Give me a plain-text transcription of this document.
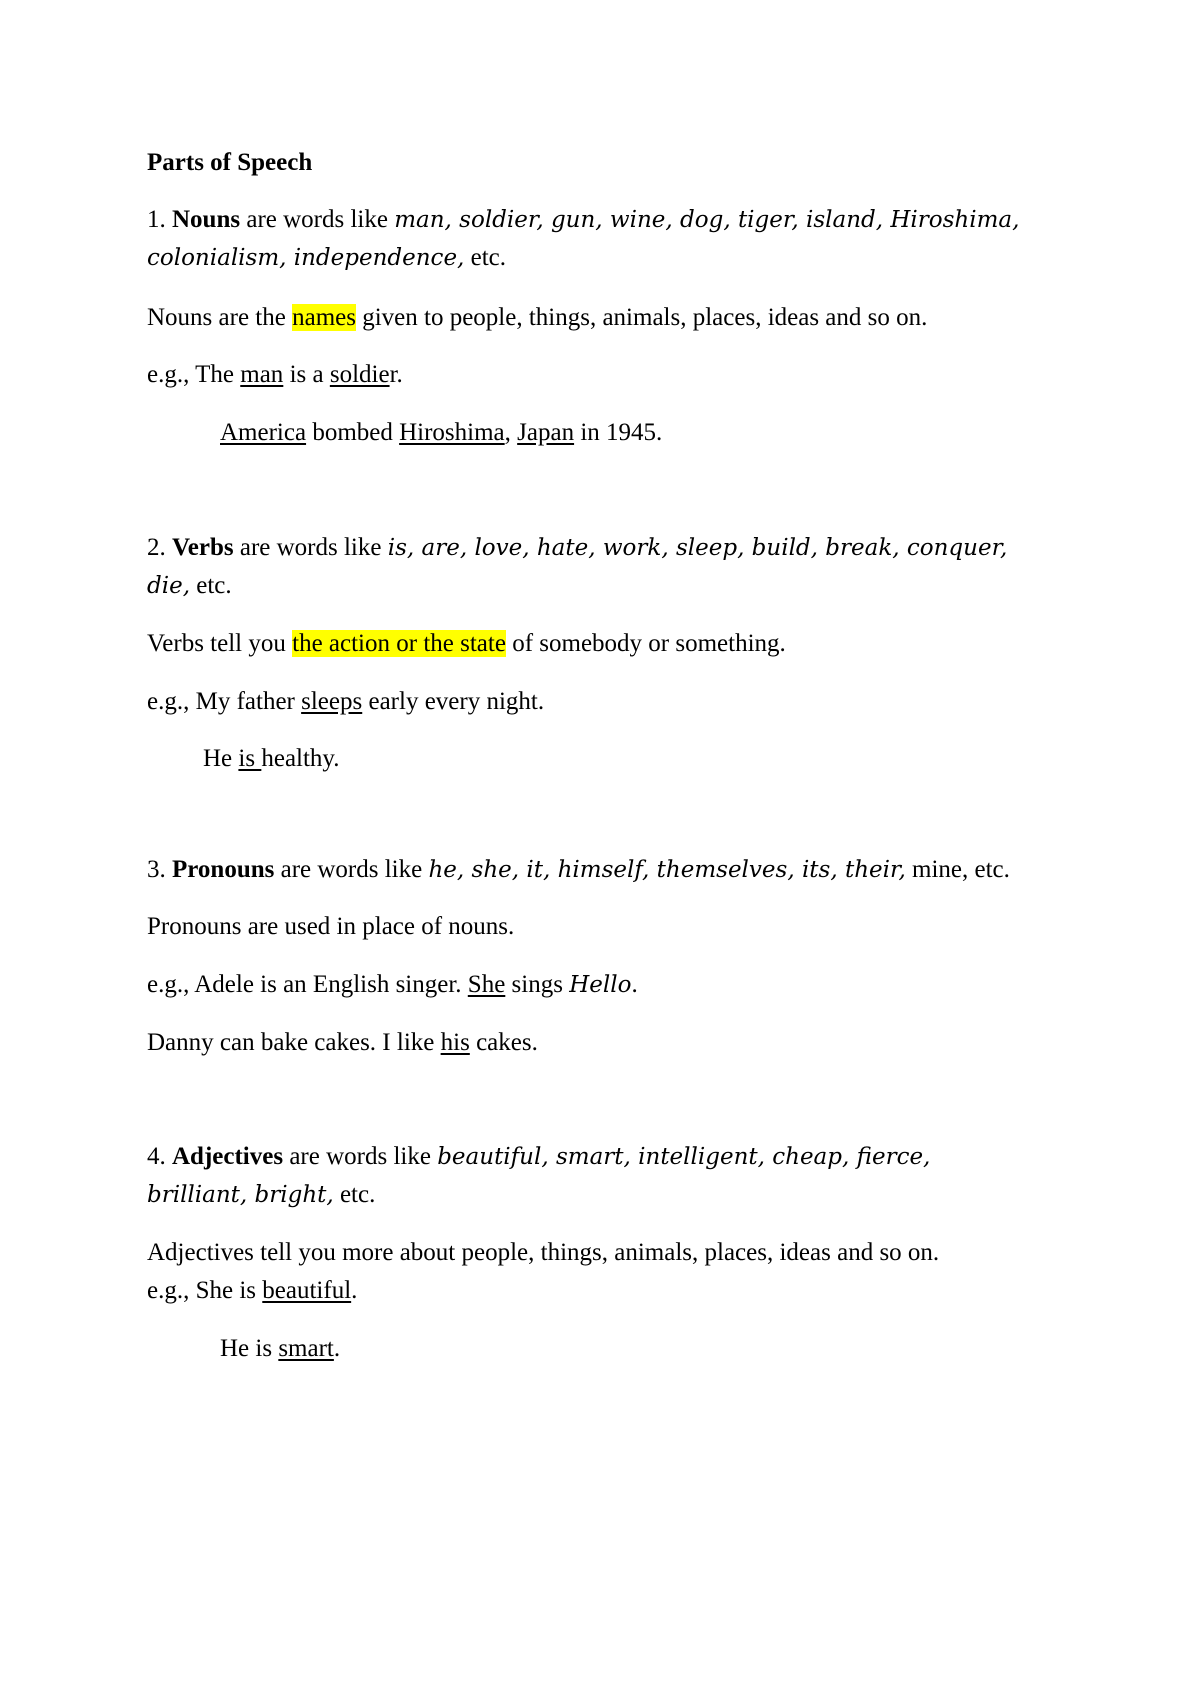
Parts of Speech
1. Nouns are words like man, soldier, gun, wine, dog, tiger, island, Hiroshima,
colonialism, independence, etc.
Nouns are the names given to people, things, animals, places, ideas and so on.
e.g., The man is a soldier.
America bombed Hiroshima, Japan in 1945.
2. Verbs are words like is, are, love, hate, work, sleep, build, break, conquer,
die, etc.
Verbs tell you the action or the state of somebody or something.
e.g., My father sleeps early every night.
He is healthy.
3. Pronouns are words like he, she, it, himself, themselves, its, their, mine, etc.
Pronouns are used in place of nouns.
e.g., Adele is an English singer. She sings Hello.
Danny can bake cakes. I like his cakes.
4. Adjectives are words like beautiful, smart, intelligent, cheap, fierce,
brilliant, bright, etc.
Adjectives tell you more about people, things, animals, places, ideas and so on.
e.g., She is beautiful.
He is smart.
